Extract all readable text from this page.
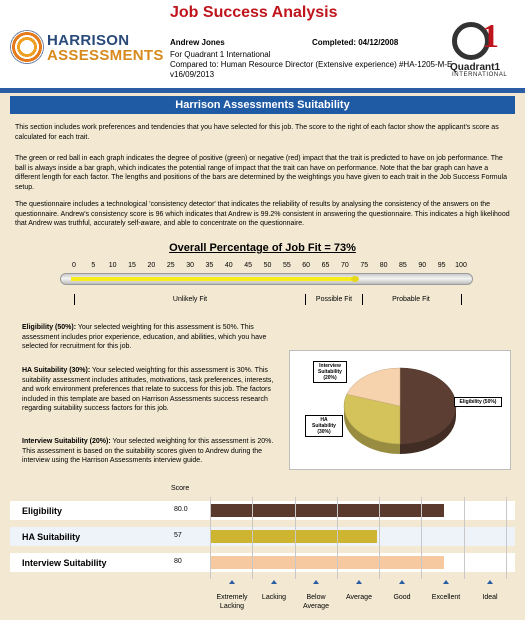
HARRISON
ASSESSMENTS
Job Success Analysis
Andrew Jones	Completed: 04/12/2008
For Quadrant 1 International
Compared to: Human Resource Director (Extensive experience) #HA-1205-M-E
v16/09/2013
1
Quadrant1
INTERNATIONAL
Harrison Assessments Suitability
This section includes work preferences and tendencies that you have selected for this job. The score to the right of each factor show the applicant's score as calculated for each trait.
The green or red ball in each graph indicates the degree of positive (green) or negative (red) impact that the trait is predicted to have on job performance. The ball is always inside a bar graph, which indicates the potential range of impact that the trait can have on performance. Note that the bar graph can have a different length for each factor. The lengths and positions of the bars are determined by the weightings you have given to each trait in the Job Success Formula setup.
The questionnaire includes a technological 'consistency detector' that indicates the reliability of results by analysing the consistency of the answers on the questionnaire. Andrew's consistency score is 96 which indicates that Andrew is 99.2% consistent in answering the questionnaire. This indicates a high likelihood that Andrew was truthful, accurately self-aware, and able to concentrate on the questionnaire.
Overall Percentage of Job Fit = 73%
0 5 10 15 20 25 30 35 40 45 50 55 60 65 70 75 80 85 90 95 100
Unlikely Fit	Possible Fit	Probable Fit
Eligibility (50%): Your selected weighting for this assessment is 50%. This assessment includes prior experience, education, and abilities, which you have selected for recruitment for this job.
HA Suitability (30%): Your selected weighting for this assessment is 30%. This suitability assessment includes attitudes, motivations, task preferences, interests, and work environment preferences that relate to success for this job. The factors included in this template are based on Harrison Assessments success research regarding suitability success factors for this job.
Interview Suitability (20%): Your selected weighting for this assessment is 20%. This assessment is based on the suitability scores given to Andrew during the interview using the Harrison Assessments interview guide.
Interview Suitability (20%)
HA Suitability (30%)
Eligibility (50%)
Score
Eligibility	80.0
HA Suitability	57
Interview Suitability	80
Extremely Lacking
Lacking	Below Average
Average	Good	Excellent	Ideal
